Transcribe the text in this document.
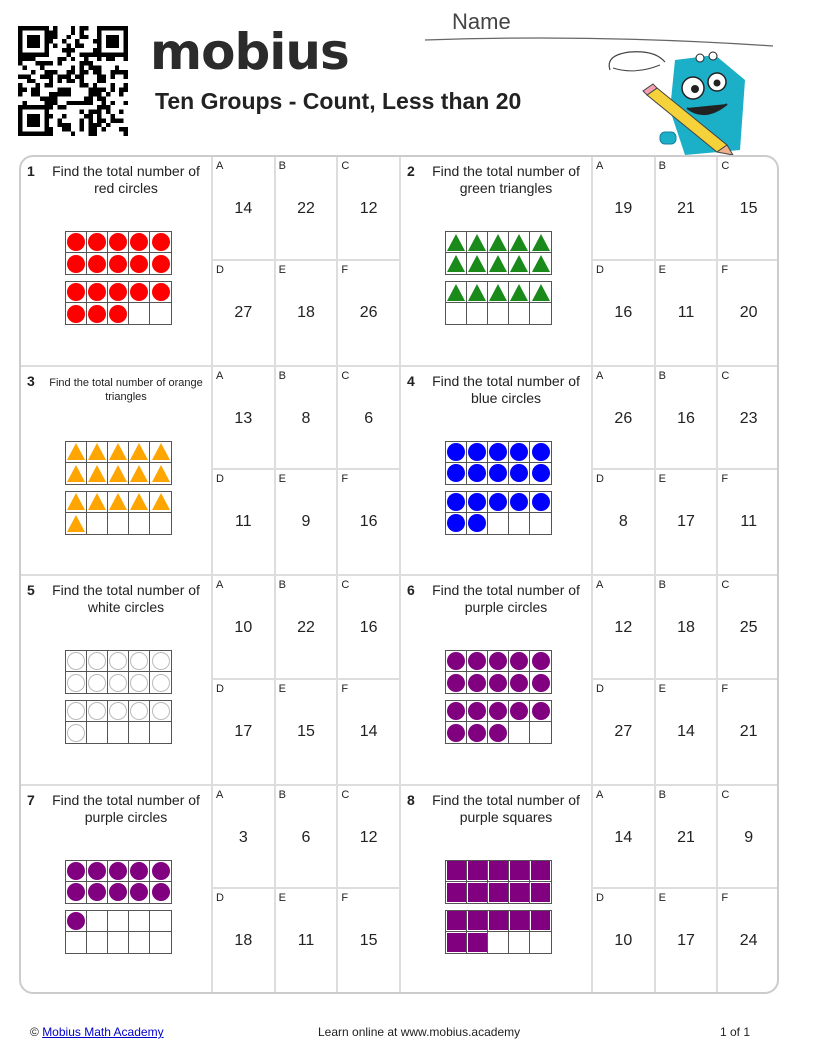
mobius
Ten Groups - Count, Less than 20
Name
1	Find the total number of red circles
A
14
B
22
C
12
D
27
E
18
F
26
2	Find the total number of green triangles
A
19
B
21
C
15
D
16
E
11
F
20
3	Find the total number of orange triangles
A
13
B
8
C
6
D
11
E
9
F
16
4	Find the total number of blue circles
A
26
B
16
C
23
D
8
E
17
F
11
5	Find the total number of white circles
A
10
B
22
C
16
D
17
E
15
F
14
6	Find the total number of purple circles
A
12
B
18
C
25
D
27
E
14
F
21
7	Find the total number of purple circles
A
3
B
6
C
12
D
18
E
11
F
15
8	Find the total number of purple squares
A
14
B
21
C
9
D
10
E
17
F
24
© Mobius Math Academy	Learn online at www.mobius.academy	1 of 1
